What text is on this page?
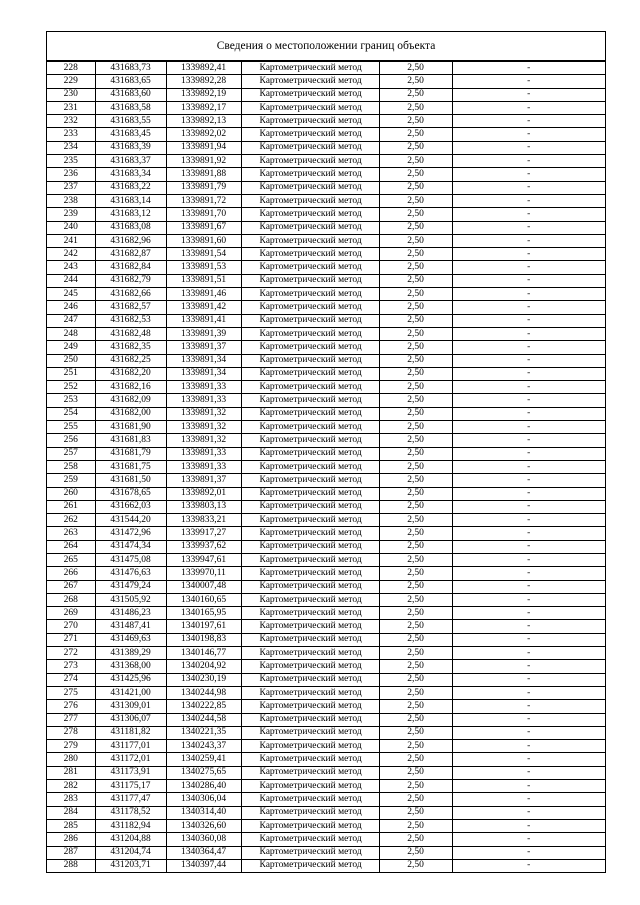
Сведения о местоположении границ объекта
228	431683,73	1339892,41	Картометрический метод	2,50	-
229	431683,65	1339892,28	Картометрический метод	2,50	-
230	431683,60	1339892,19	Картометрический метод	2,50	-
231	431683,58	1339892,17	Картометрический метод	2,50	-
232	431683,55	1339892,13	Картометрический метод	2,50	-
233	431683,45	1339892,02	Картометрический метод	2,50	-
234	431683,39	1339891,94	Картометрический метод	2,50	-
235	431683,37	1339891,92	Картометрический метод	2,50	-
236	431683,34	1339891,88	Картометрический метод	2,50	-
237	431683,22	1339891,79	Картометрический метод	2,50	-
238	431683,14	1339891,72	Картометрический метод	2,50	-
239	431683,12	1339891,70	Картометрический метод	2,50	-
240	431683,08	1339891,67	Картометрический метод	2,50	-
241	431682,96	1339891,60	Картометрический метод	2,50	-
242	431682,87	1339891,54	Картометрический метод	2,50	-
243	431682,84	1339891,53	Картометрический метод	2,50	-
244	431682,79	1339891,51	Картометрический метод	2,50	-
245	431682,66	1339891,46	Картометрический метод	2,50	-
246	431682,57	1339891,42	Картометрический метод	2,50	-
247	431682,53	1339891,41	Картометрический метод	2,50	-
248	431682,48	1339891,39	Картометрический метод	2,50	-
249	431682,35	1339891,37	Картометрический метод	2,50	-
250	431682,25	1339891,34	Картометрический метод	2,50	-
251	431682,20	1339891,34	Картометрический метод	2,50	-
252	431682,16	1339891,33	Картометрический метод	2,50	-
253	431682,09	1339891,33	Картометрический метод	2,50	-
254	431682,00	1339891,32	Картометрический метод	2,50	-
255	431681,90	1339891,32	Картометрический метод	2,50	-
256	431681,83	1339891,32	Картометрический метод	2,50	-
257	431681,79	1339891,33	Картометрический метод	2,50	-
258	431681,75	1339891,33	Картометрический метод	2,50	-
259	431681,50	1339891,37	Картометрический метод	2,50	-
260	431678,65	1339892,01	Картометрический метод	2,50	-
261	431662,03	1339803,13	Картометрический метод	2,50	-
262	431544,20	1339833,21	Картометрический метод	2,50	-
263	431472,96	1339917,27	Картометрический метод	2,50	-
264	431474,34	1339937,62	Картометрический метод	2,50	-
265	431475,08	1339947,61	Картометрический метод	2,50	-
266	431476,63	1339970,11	Картометрический метод	2,50	-
267	431479,24	1340007,48	Картометрический метод	2,50	-
268	431505,92	1340160,65	Картометрический метод	2,50	-
269	431486,23	1340165,95	Картометрический метод	2,50	-
270	431487,41	1340197,61	Картометрический метод	2,50	-
271	431469,63	1340198,83	Картометрический метод	2,50	-
272	431389,29	1340146,77	Картометрический метод	2,50	-
273	431368,00	1340204,92	Картометрический метод	2,50	-
274	431425,96	1340230,19	Картометрический метод	2,50	-
275	431421,00	1340244,98	Картометрический метод	2,50	-
276	431309,01	1340222,85	Картометрический метод	2,50	-
277	431306,07	1340244,58	Картометрический метод	2,50	-
278	431181,82	1340221,35	Картометрический метод	2,50	-
279	431177,01	1340243,37	Картометрический метод	2,50	-
280	431172,01	1340259,41	Картометрический метод	2,50	-
281	431173,91	1340275,65	Картометрический метод	2,50	-
282	431175,17	1340286,40	Картометрический метод	2,50	-
283	431177,47	1340306,04	Картометрический метод	2,50	-
284	431178,52	1340314,40	Картометрический метод	2,50	-
285	431182,94	1340326,60	Картометрический метод	2,50	-
286	431204,88	1340360,08	Картометрический метод	2,50	-
287	431204,74	1340364,47	Картометрический метод	2,50	-
288	431203,71	1340397,44	Картометрический метод	2,50	-
